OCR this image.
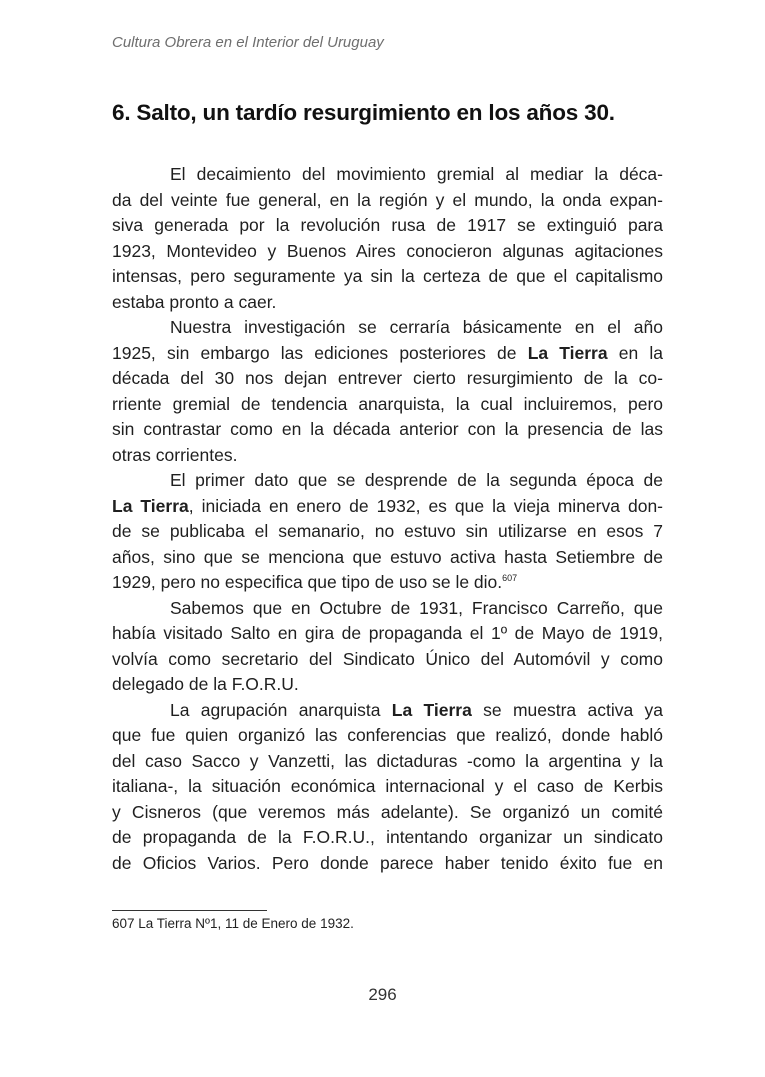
Cultura Obrera en el Interior del Uruguay
6. Salto, un tardío resurgimiento en los años 30.
El decaimiento del movimiento gremial al mediar la déca-
da del veinte fue general, en la región y el mundo, la onda expan-
siva generada por la revolución rusa de 1917 se extinguió para
1923, Montevideo y Buenos Aires conocieron algunas agitaciones
intensas, pero seguramente ya sin la certeza de que el capitalismo
estaba pronto a caer.
Nuestra investigación se cerraría básicamente en el año
1925, sin embargo las ediciones posteriores de La Tierra en la
década del 30 nos dejan entrever cierto resurgimiento de la co-
rriente gremial de tendencia anarquista, la cual incluiremos, pero
sin contrastar como en la década anterior con la presencia de las
otras corrientes.
El primer dato que se desprende de la segunda época de
La Tierra, iniciada en enero de 1932, es que la vieja minerva don-
de se publicaba el semanario, no estuvo sin utilizarse en esos 7
años, sino que se menciona que estuvo activa hasta Setiembre de
1929, pero no especifica que tipo de uso se le dio.$^{607}$
Sabemos que en Octubre de 1931, Francisco Carreño, que
había visitado Salto en gira de propaganda el 1º de Mayo de 1919,
volvía como secretario del Sindicato Único del Automóvil y como
delegado de la F.O.R.U.
La agrupación anarquista La Tierra se muestra activa ya
que fue quien organizó las conferencias que realizó, donde habló
del caso Sacco y Vanzetti, las dictaduras -como la argentina y la
italiana-, la situación económica internacional y el caso de Kerbis
y Cisneros (que veremos más adelante). Se organizó un comité
de propaganda de la F.O.R.U., intentando organizar un sindicato
de Oficios Varios. Pero donde parece haber tenido éxito fue en
607 La Tierra Nº1, 11 de Enero de 1932.
296
